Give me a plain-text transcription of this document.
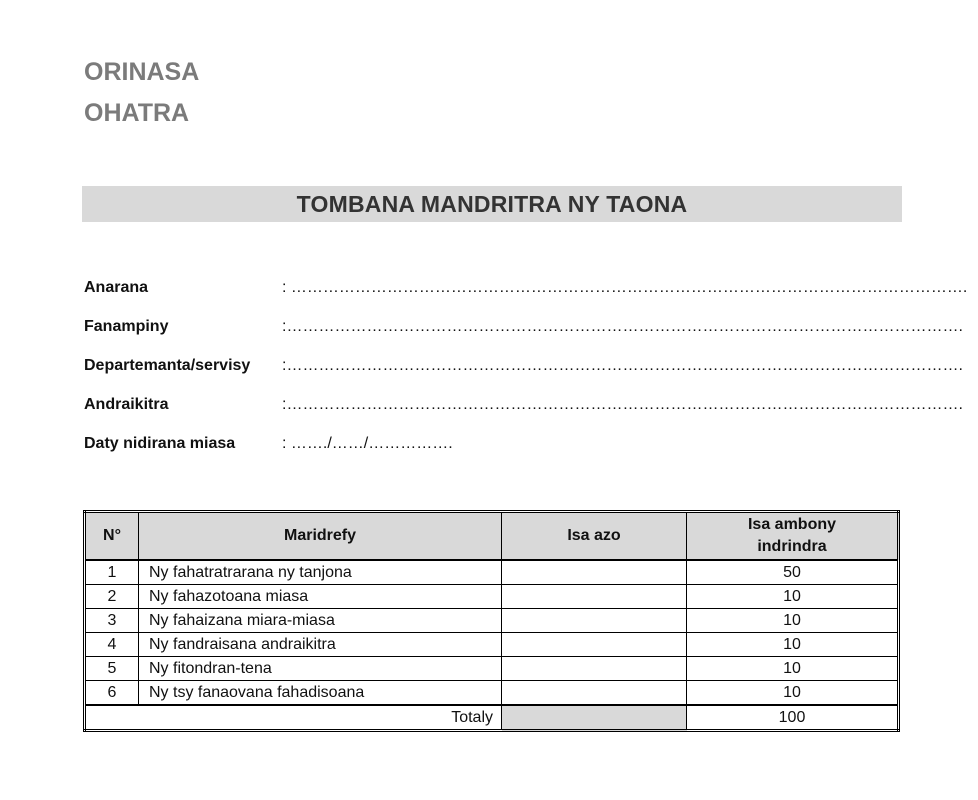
ORINASA
OHATRA
TOMBANA MANDRITRA NY TAONA
Anarana	: ……………………………………………………………………………………………………………….
Fanampiny	:……………………………………………………………………………………………………………….
Departemanta/servisy	:……………………………………………………………………………………………………………….
Andraikitra	:……………………………………………………………………………………………………………….
Daty nidirana miasa	: ……./……/…………….
N°	Maridrefy	Isa azo	Isa ambony
indrindra

1	Ny fahatratrarana ny tanjona		50
2	Ny fahazotoana miasa		10
3	Ny fahaizana miara-miasa		10
4	Ny fandraisana andraikitra		10
5	Ny fitondran-tena		10
6	Ny tsy fanaovana fahadisoana		10
Totaly			100
